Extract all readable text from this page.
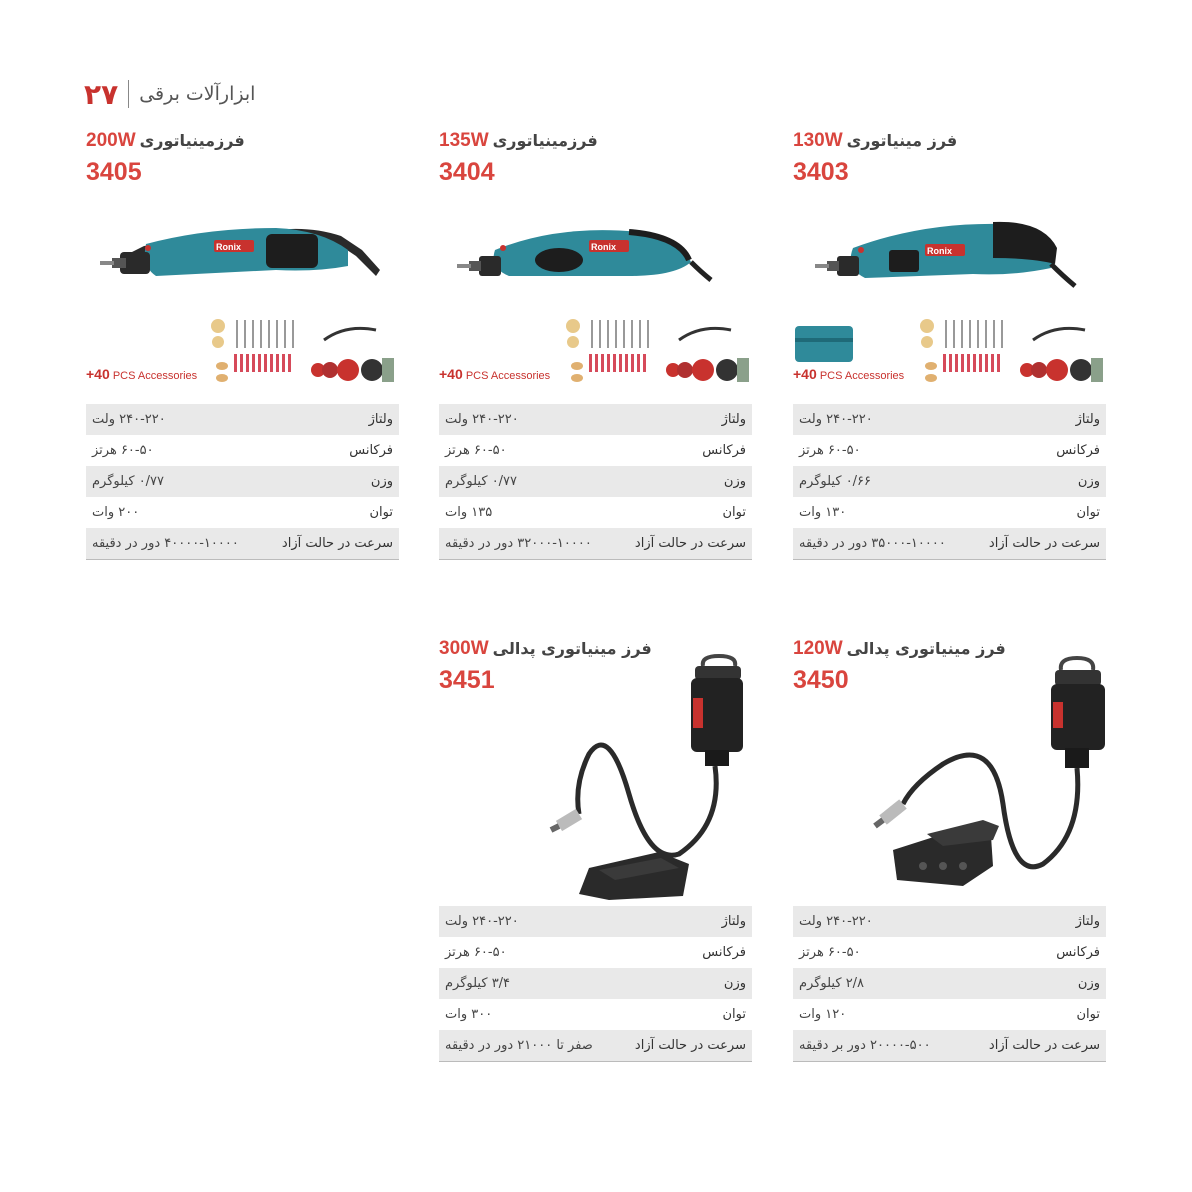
۲۷ ابزارآلات برقی
200W فرزمینیاتوری
3405
Ronix
+40 PCS Accessories
ولتاژ
۲۴۰-۲۲۰ ولت
فرکانس
۶۰-۵۰ هرتز
وزن
۰/۷۷ کیلوگرم
توان
۲۰۰ وات
سرعت در حالت آزاد
۴۰۰۰۰-۱۰۰۰۰ دور در دقیقه
135W فرزمینیاتوری
3404
Ronix
+40 PCS Accessories
ولتاژ
۲۴۰-۲۲۰ ولت
فرکانس
۶۰-۵۰ هرتز
وزن
۰/۷۷ کیلوگرم
توان
۱۳۵ وات
سرعت در حالت آزاد
۳۲۰۰۰-۱۰۰۰۰ دور در دقیقه
130W فرز مینیاتوری
3403
Ronix
+40 PCS Accessories
ولتاژ
۲۴۰-۲۲۰ ولت
فرکانس
۶۰-۵۰ هرتز
وزن
۰/۶۶ کیلوگرم
توان
۱۳۰ وات
سرعت در حالت آزاد
۳۵۰۰۰-۱۰۰۰۰ دور در دقیقه
300W فرز مینیاتوری پدالی
3451
ولتاژ
۲۴۰-۲۲۰ ولت
فرکانس
۶۰-۵۰ هرتز
وزن
۳/۴ کیلوگرم
توان
۳۰۰ وات
سرعت در حالت آزاد
صفر تا ۲۱۰۰۰ دور در دقیقه
120W فرز مینیاتوری پدالی
3450
ولتاژ
۲۴۰-۲۲۰ ولت
فرکانس
۶۰-۵۰ هرتز
وزن
۲/۸ کیلوگرم
توان
۱۲۰ وات
سرعت در حالت آزاد
۲۰۰۰۰-۵۰۰ دور بر دقیقه
